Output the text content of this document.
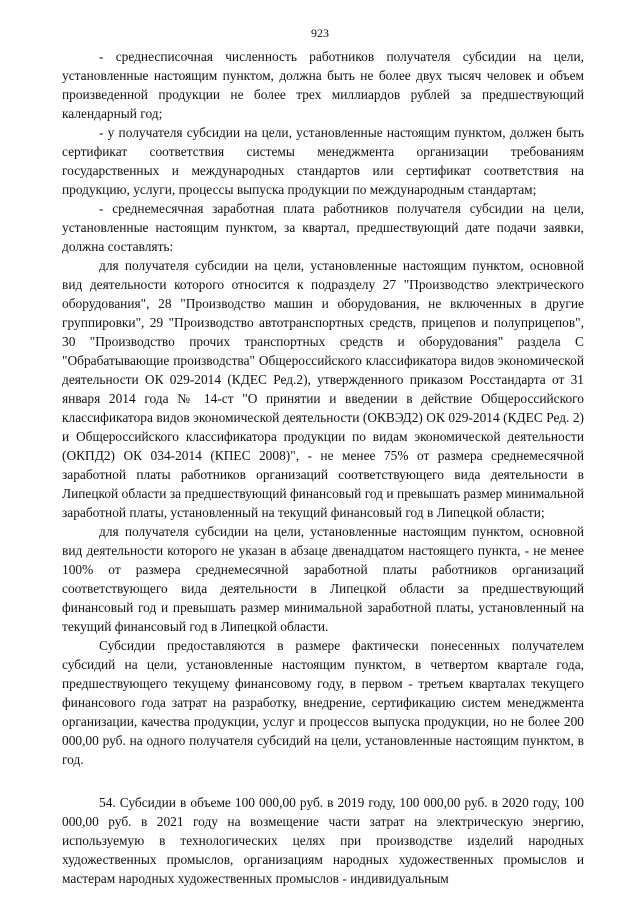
923

- среднесписочная численность работников получателя субсидии на цели, установленные настоящим пунктом, должна быть не более двух тысяч человек и объем произведенной продукции не более трех миллиардов рублей за предшествующий календарный год;

- у получателя субсидии на цели, установленные настоящим пунктом, должен быть сертификат соответствия системы менеджмента организации требованиям государственных и международных стандартов или сертификат соответствия на продукцию, услуги, процессы выпуска продукции по международным стандартам;

- среднемесячная заработная плата работников получателя субсидии на цели, установленные настоящим пунктом, за квартал, предшествующий дате подачи заявки, должна составлять:

для получателя субсидии на цели, установленные настоящим пунктом, основной вид деятельности которого относится к подразделу 27 "Производство электрического оборудования", 28 "Производство машин и оборудования, не включенных в другие группировки", 29 "Производство автотранспортных средств, прицепов и полуприцепов", 30 "Производство прочих транспортных средств и оборудования" раздела С "Обрабатывающие производства" Общероссийского классификатора видов экономической деятельности ОК 029-2014 (КДЕС Ред.2), утвержденного приказом Росстандарта от 31 января 2014 года № 14-ст "О принятии и введении в действие Общероссийского классификатора видов экономической деятельности (ОКВЭД2) ОК 029-2014 (КДЕС Ред. 2) и Общероссийского классификатора продукции по видам экономической деятельности (ОКПД2) ОК 034-2014 (КПЕС 2008)", - не менее 75% от размера среднемесячной заработной платы работников организаций соответствующего вида деятельности в Липецкой области за предшествующий финансовый год и превышать размер минимальной заработной платы, установленный на текущий финансовый год в Липецкой области;

для получателя субсидии на цели, установленные настоящим пунктом, основной вид деятельности которого не указан в абзаце двенадцатом настоящего пункта, - не менее 100% от размера среднемесячной заработной платы работников организаций соответствующего вида деятельности в Липецкой области за предшествующий финансовый год и превышать размер минимальной заработной платы, установленный на текущий финансовый год в Липецкой области.

Субсидии предоставляются в размере фактически понесенных получателем субсидий на цели, установленные настоящим пунктом, в четвертом квартале года, предшествующего текущему финансовому году, в первом - третьем кварталах текущего финансового года затрат на разработку, внедрение, сертификацию систем менеджмента организации, качества продукции, услуг и процессов выпуска продукции, но не более 200 000,00 руб. на одного получателя субсидий на цели, установленные настоящим пунктом, в год.

54. Субсидии в объеме 100 000,00 руб. в 2019 году, 100 000,00 руб. в 2020 году, 100 000,00 руб. в 2021 году на возмещение части затрат на электрическую энергию, используемую в технологических целях при производстве изделий народных художественных промыслов, организациям народных художественных промыслов и мастерам народных художественных промыслов - индивидуальным
